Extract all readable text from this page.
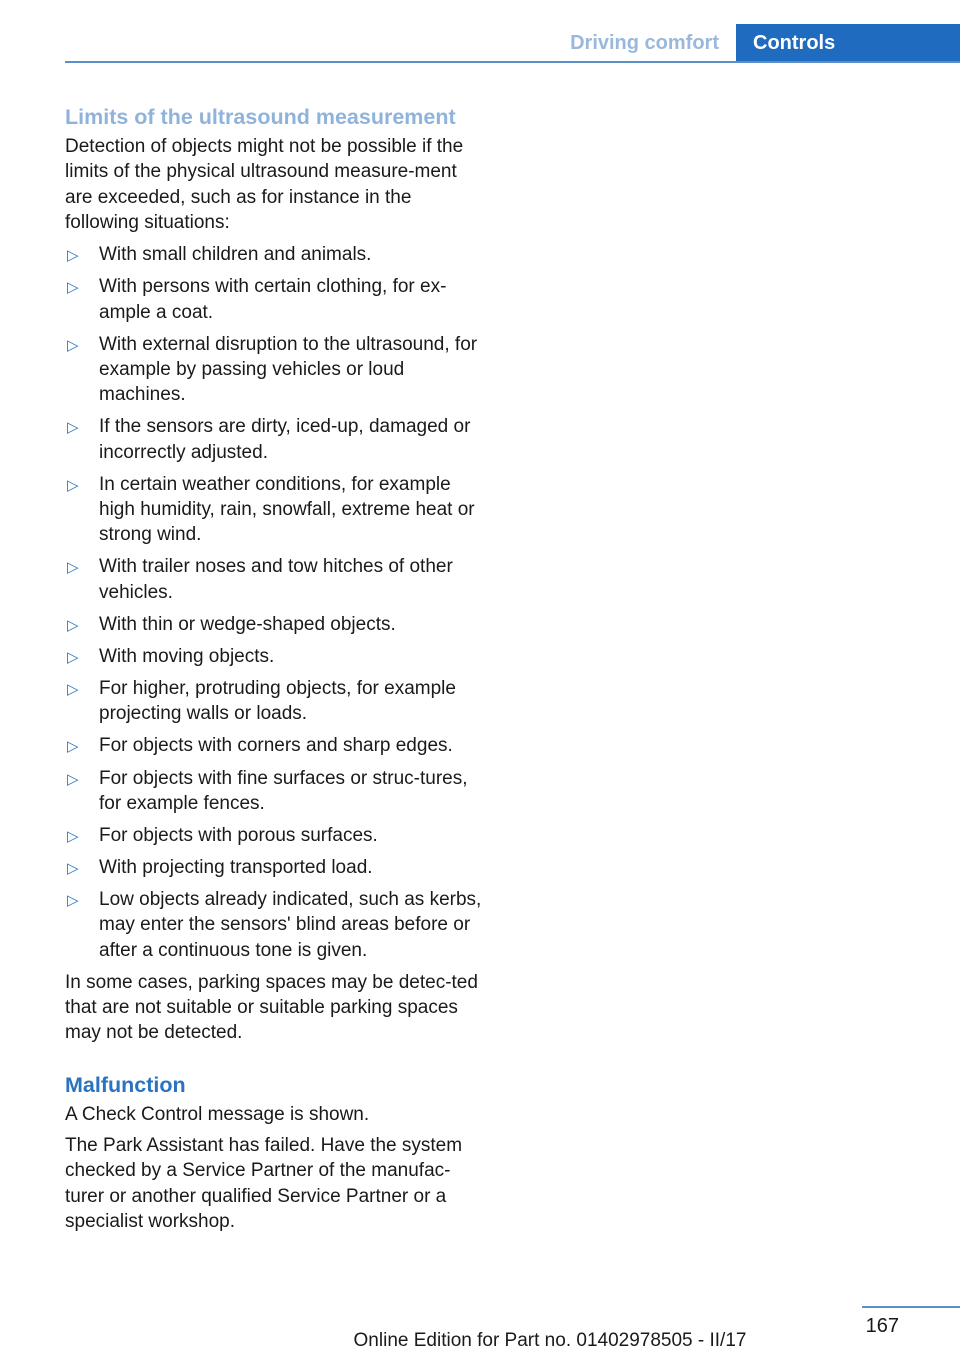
Driving comfort	Controls
Limits of the ultrasound measurement

Detection of objects might not be possible if the limits of the physical ultrasound measure-ment are exceeded, such as for instance in the following situations:

▷ With small children and animals.
▷ With persons with certain clothing, for ex-ample a coat.
▷ With external disruption to the ultrasound, for example by passing vehicles or loud machines.
▷ If the sensors are dirty, iced-up, damaged or incorrectly adjusted.
▷ In certain weather conditions, for example high humidity, rain, snowfall, extreme heat or strong wind.
▷ With trailer noses and tow hitches of other vehicles.
▷ With thin or wedge-shaped objects.
▷ With moving objects.
▷ For higher, protruding objects, for example projecting walls or loads.
▷ For objects with corners and sharp edges.
▷ For objects with fine surfaces or struc-tures, for example fences.
▷ For objects with porous surfaces.
▷ With projecting transported load.
▷ Low objects already indicated, such as kerbs, may enter the sensors' blind areas before or after a continuous tone is given.

In some cases, parking spaces may be detec-ted that are not suitable or suitable parking spaces may not be detected.

Malfunction

A Check Control message is shown.

The Park Assistant has failed. Have the system checked by a Service Partner of the manufac-turer or another qualified Service Partner or a specialist workshop.

167
Online Edition for Part no. 01402978505 - II/17
